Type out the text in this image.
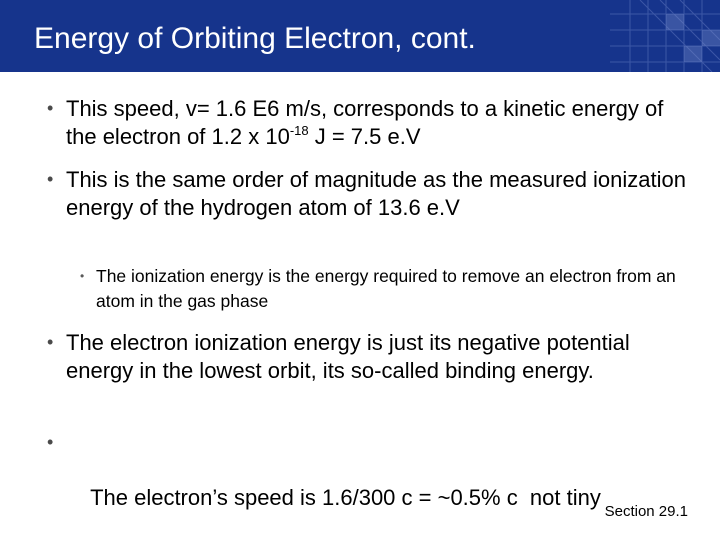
Energy of Orbiting Electron, cont.
• This speed, v= 1.6 E6 m/s, corresponds to a kinetic energy of the electron of 1.2 x $10^{-18}$ J = 7.5 e.V
• This is the same order of magnitude as the measured ionization energy of the hydrogen atom of 13.6 e.V
• The ionization energy is the energy required to remove an electron from an atom in the gas phase
• The electron ionization energy is just its negative potential energy in the lowest orbit, its so-called binding energy.

•

The electron’s speed is 1.6/300 c = ~0.5% c  not tiny

Section 29.1
